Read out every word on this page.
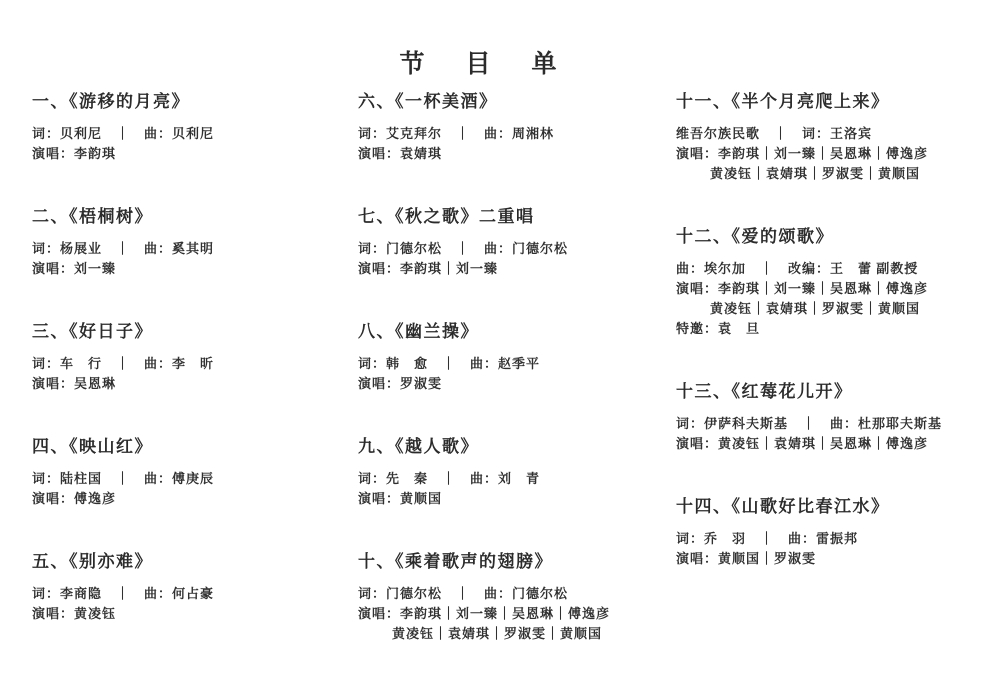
节　目　单
一、《游移的月亮》

词：贝利尼　｜　曲：贝利尼

演唱：李韵琪

二、《梧桐树》

词：杨展业　｜　曲：奚其明

演唱：刘一臻

三、《好日子》

词：车　行　｜　曲：李　昕

演唱：吴恩琳

四、《映山红》

词：陆柱国　｜　曲：傅庚辰

演唱：傅逸彦

五、《别亦难》

词：李商隐　｜　曲：何占豪

演唱：黄凌钰

六、《一杯美酒》

词：艾克拜尔　｜　曲：周湘林

演唱：袁婧琪

七、《秋之歌》二重唱

词：门德尔松　｜　曲：门德尔松

演唱：李韵琪｜刘一臻

八、《幽兰操》

词：韩　愈　｜　曲：赵季平

演唱：罗淑雯

九、《越人歌》

词：先　秦　｜　曲：刘　青

演唱：黄顺国

十、《乘着歌声的翅膀》

词：门德尔松　｜　曲：门德尔松

演唱：李韵琪｜刘一臻｜吴恩琳｜傅逸彦

黄凌钰｜袁婧琪｜罗淑雯｜黄顺国

十一、《半个月亮爬上来》

维吾尔族民歌　｜　词：王洛宾

演唱：李韵琪｜刘一臻｜吴恩琳｜傅逸彦

黄凌钰｜袁婧琪｜罗淑雯｜黄顺国

十二、《爱的颂歌》

曲：埃尔加　｜　改编：王　蕾 副教授

演唱：李韵琪｜刘一臻｜吴恩琳｜傅逸彦

黄凌钰｜袁婧琪｜罗淑雯｜黄顺国

特邀：袁　旦

十三、《红莓花儿开》

词：伊萨科夫斯基　｜　曲：杜那耶夫斯基

演唱：黄凌钰｜袁婧琪｜吴恩琳｜傅逸彦

十四、《山歌好比春江水》

词：乔　羽　｜　曲：雷振邦

演唱：黄顺国｜罗淑雯
